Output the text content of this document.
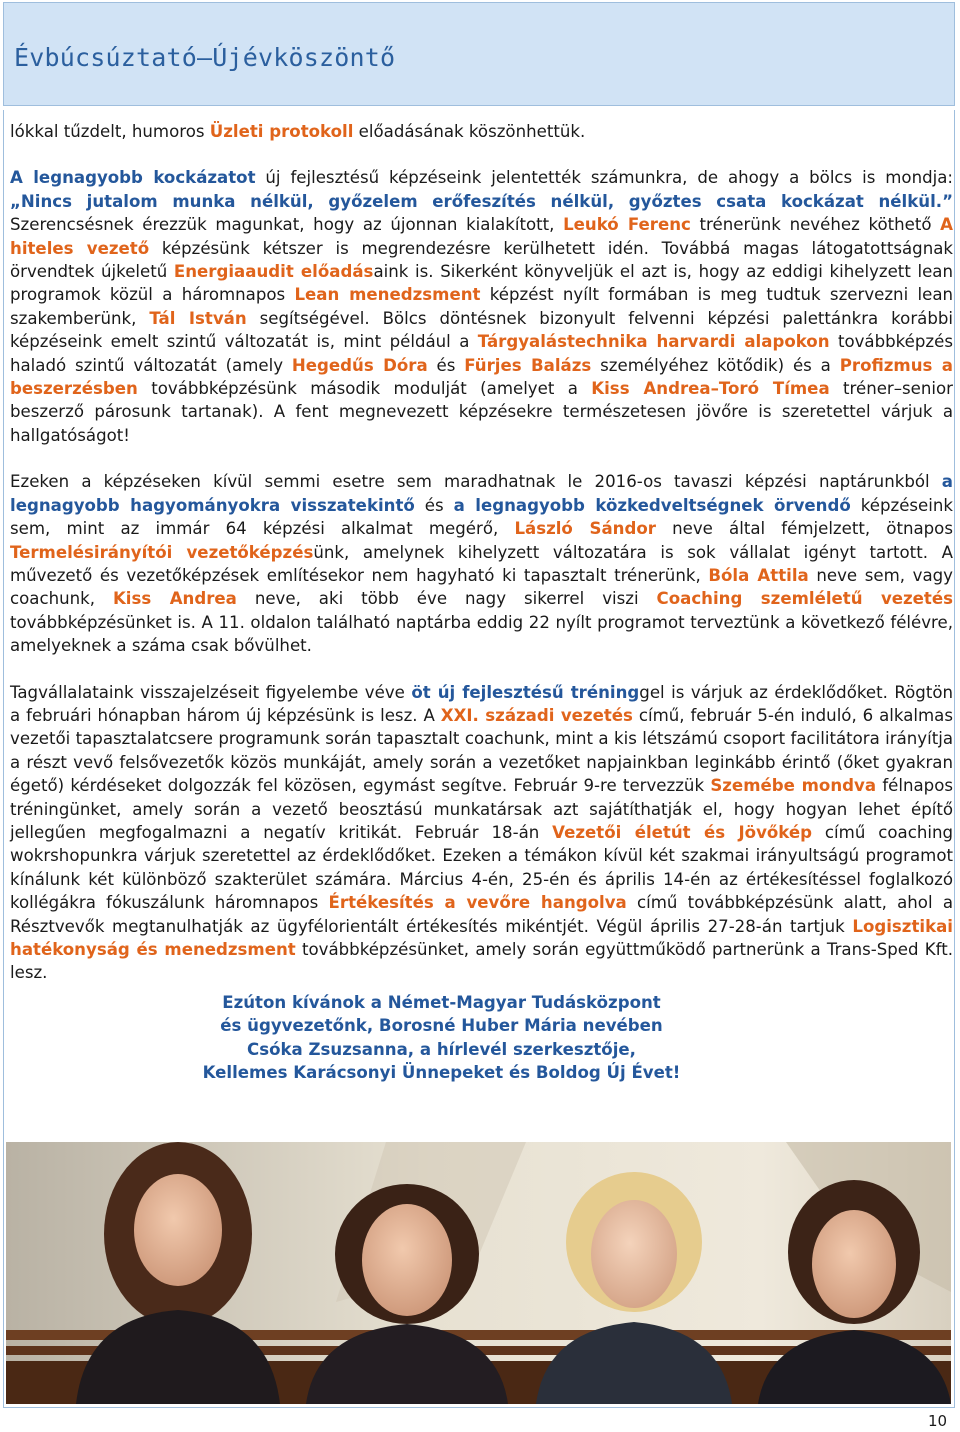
Évbúcsúztató—Újévköszöntő

lókkal tűzdelt, humoros Üzleti protokoll előadásának köszönhettük.

A legnagyobb kockázatot új fejlesztésű képzéseink jelentették számunkra, de ahogy a bölcs is mondja: „Nincs jutalom munka nélkül, győzelem erőfeszítés nélkül, győztes csata kockázat nélkül.” Szerencsésnek érezzük magunkat, hogy az újonnan kialakított, Leukó Ferenc trénerünk nevéhez köthető A hiteles vezető képzésünk kétszer is megrendezésre kerülhetett idén. Továbbá magas látogatottságnak örvendtek újkeletű Energiaaudit előadásaink is. Sikerként könyveljük el azt is, hogy az eddigi kihelyzett lean programok közül a háromnapos Lean menedzsment képzést nyílt formában is meg tudtuk szervezni lean szakemberünk, Tál István segítségével. Bölcs döntésnek bizonyult felvenni képzési palettánkra korábbi képzéseink emelt szintű változatát is, mint például a Tárgyalástechnika harvardi alapokon továbbképzés haladó szintű változatát (amely Hegedűs Dóra és Fürjes Balázs személyéhez kötődik) és a Profizmus a beszerzésben továbbképzésünk második modulját (amelyet a Kiss Andrea–Toró Tímea tréner–senior beszerző párosunk tartanak). A fent megnevezett képzésekre természetesen jövőre is szeretettel várjuk a hallgatóságot!

Ezeken a képzéseken kívül semmi esetre sem maradhatnak le 2016-os tavaszi képzési naptárunkból a legnagyobb hagyományokra visszatekintő és a legnagyobb közkedveltségnek örvendő képzéseink sem, mint az immár 64 képzési alkalmat megérő, László Sándor neve által fémjelzett, ötnapos Termelésirányítói vezetőképzésünk, amelynek kihelyzett változatára is sok vállalat igényt tartott. A művezető és vezetőképzések említésekor nem hagyható ki tapasztalt trénerünk, Bóla Attila neve sem, vagy coachunk, Kiss Andrea neve, aki több éve nagy sikerrel viszi Coaching szemléletű vezetés továbbképzésünket is. A 11. oldalon található naptárba eddig 22 nyílt programot terveztünk a következő félévre, amelyeknek a száma csak bővülhet.

Tagvállalataink visszajelzéseit figyelembe véve öt új fejlesztésű tréninggel is várjuk az érdeklődőket. Rögtön a februári hónapban három új képzésünk is lesz. A XXI. századi vezetés című, február 5-én induló, 6 alkalmas vezetői tapasztalatcsere programunk során tapasztalt coachunk, mint a kis létszámú csoport facilitátora irányítja a részt vevő felsővezetők közös munkáját, amely során a vezetőket napjainkban leginkább érintő (őket gyakran égető) kérdéseket dolgozzák fel közösen, egymást segítve. Február 9-re tervezzük Szemébe mondva félnapos tréningünket, amely során a vezető beosztású munkatársak azt sajátíthatják el, hogy hogyan lehet építő jellegűen megfogalmazni a negatív kritikát. Február 18-án Vezetői életút és Jövőkép című coaching wokrshopunkra várjuk szeretettel az érdeklődőket. Ezeken a témákon kívül két szakmai irányultságú programot kínálunk két különböző szakterület számára. Március 4-én, 25-én és április 14-én az értékesítéssel foglalkozó kollégákra fókuszálunk háromnapos Értékesítés a vevőre hangolva című továbbképzésünk alatt, ahol a Résztvevők megtanulhatják az ügyfélorientált értékesítés mikéntjét. Végül április 27-28-án tartjuk Logisztikai hatékonyság és menedzsment továbbképzésünket, amely során együttműködő partnerünk a Trans-Sped Kft. lesz.

Ezúton kívánok a Német-Magyar Tudásközpont
és ügyvezetőnk, Borosné Huber Mária nevében
Csóka Zsuzsanna, a hírlevél szerkesztője,
Kellemes Karácsonyi Ünnepeket és Boldog Új Évet!
10
